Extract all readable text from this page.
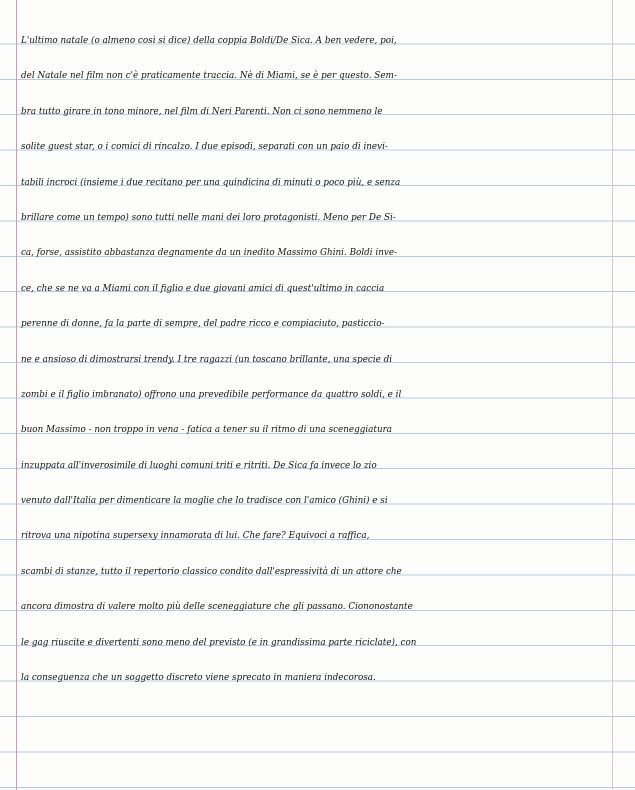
L'ultimo natale (o almeno così si dice) della coppia Boldi/De Sica. A ben vedere, poi,
del Natale nel film non c'è praticamente traccia. Nè di Miami, se è per questo. Sem-
bra tutto girare in tono minore, nel film di Neri Parenti. Non ci sono nemmeno le
solite guest star, o i comici di rincalzo. I due episodi, separati con un paio di inevi-
tabili incroci (insieme i due recitano per una quindicina di minuti o poco più, e senza
brillare come un tempo) sono tutti nelle mani dei loro protagonisti. Meno per De Si-
ca, forse, assistito abbastanza degnamente da un inedito Massimo Ghini. Boldi inve-
ce, che se ne va a Miami con il figlio e due giovani amici di quest'ultimo in caccia
perenne di donne, fa la parte di sempre, del padre ricco e compiaciuto, pasticcio-
ne e ansioso di dimostrarsi trendy. I tre ragazzi (un toscano brillante, una specie di
zombi e il figlio imbranato) offrono una prevedibile performance da quattro soldi, e il
buon Massimo - non troppo in vena - fatica a tener su il ritmo di una sceneggiatura
inzuppata all'inverosimile di luoghi comuni triti e ritriti. De Sica fa invece lo zio
venuto dall'Italia per dimenticare la moglie che lo tradisce con l'amico (Ghini) e si
ritrova una nipotina supersexy innamorata di lui. Che fare? Equivoci a raffica,
scambi di stanze, tutto il repertorio classico condito dall'espressività di un attore che
ancora dimostra di valere molto più delle sceneggiature che gli passano. Ciononostante
le gag riuscite e divertenti sono meno del previsto (e in grandissima parte riciclate), con
la conseguenza che un soggetto discreto viene sprecato in maniera indecorosa.
